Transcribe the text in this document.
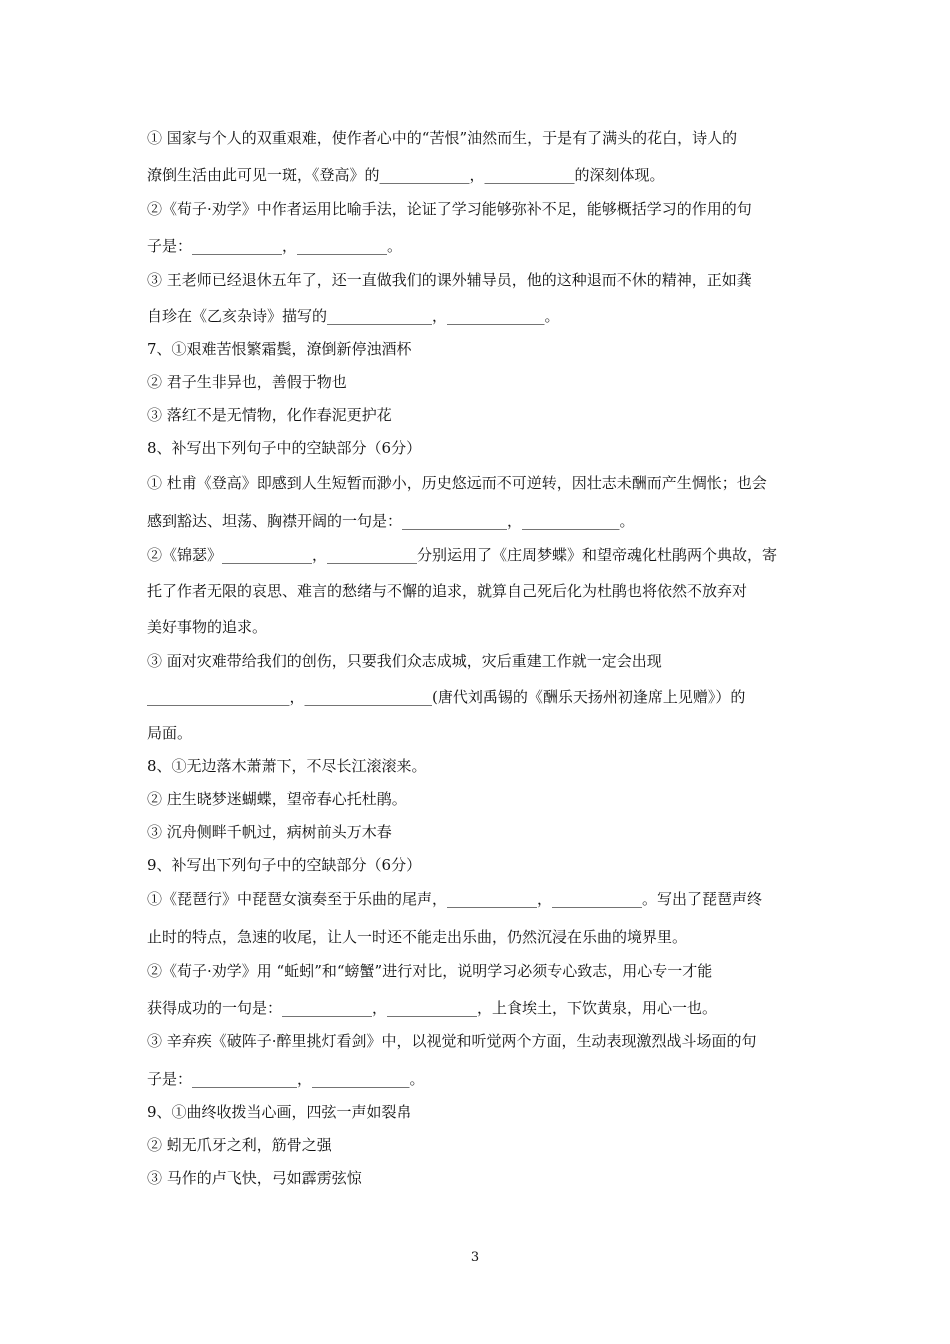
① 国家与个人的双重艰难，使作者心中的“苦恨”油然而生，于是有了满头的花白，诗人的
潦倒生活由此可见一斑，《登高》的____________，____________的深刻体现。
②《荀子·劝学》中作者运用比喻手法，论证了学习能够弥补不足，能够概括学习的作用的句
子是：____________，____________。
③ 王老师已经退休五年了，还一直做我们的课外辅导员，他的这种退而不休的精神，正如龚
自珍在《乙亥杂诗》描写的______________，_____________。
7、①艰难苦恨繁霜鬓，潦倒新停浊酒杯
② 君子生非异也，善假于物也
③ 落红不是无情物，化作春泥更护花
8、补写出下列句子中的空缺部分（6分）
① 杜甫《登高》即感到人生短暂而渺小，历史悠远而不可逆转，因壮志未酬而产生惆怅；也会
感到豁达、坦荡、胸襟开阔的一句是：______________，_____________。
②《锦瑟》____________，____________分别运用了《庄周梦蝶》和望帝魂化杜鹃两个典故，寄
托了作者无限的哀思、难言的愁绪与不懈的追求，就算自己死后化为杜鹃也将依然不放弃对
美好事物的追求。
③ 面对灾难带给我们的创伤，只要我们众志成城，灾后重建工作就一定会出现
___________________，_________________(唐代刘禹锡的《酬乐天扬州初逢席上见赠》）的
局面。
8、①无边落木萧萧下，不尽长江滚滚来。
② 庄生晓梦迷蝴蝶，望帝春心托杜鹃。
③ 沉舟侧畔千帆过，病树前头万木春
9、补写出下列句子中的空缺部分（6分）
①《琵琶行》中琵琶女演奏至于乐曲的尾声，____________，____________。写出了琵琶声终
止时的特点，急速的收尾，让人一时还不能走出乐曲，仍然沉浸在乐曲的境界里。
②《荀子·劝学》用 “蚯蚓”和“螃蟹”进行对比，说明学习必须专心致志，用心专一才能
获得成功的一句是：____________，____________，上食埃土，下饮黄泉，用心一也。
③ 辛弃疾《破阵子·醉里挑灯看剑》中，以视觉和听觉两个方面，生动表现激烈战斗场面的句
子是：______________，_____________。
9、①曲终收拨当心画，四弦一声如裂帛
② 蚓无爪牙之利，筋骨之强
③ 马作的卢飞快，弓如霹雳弦惊
3
